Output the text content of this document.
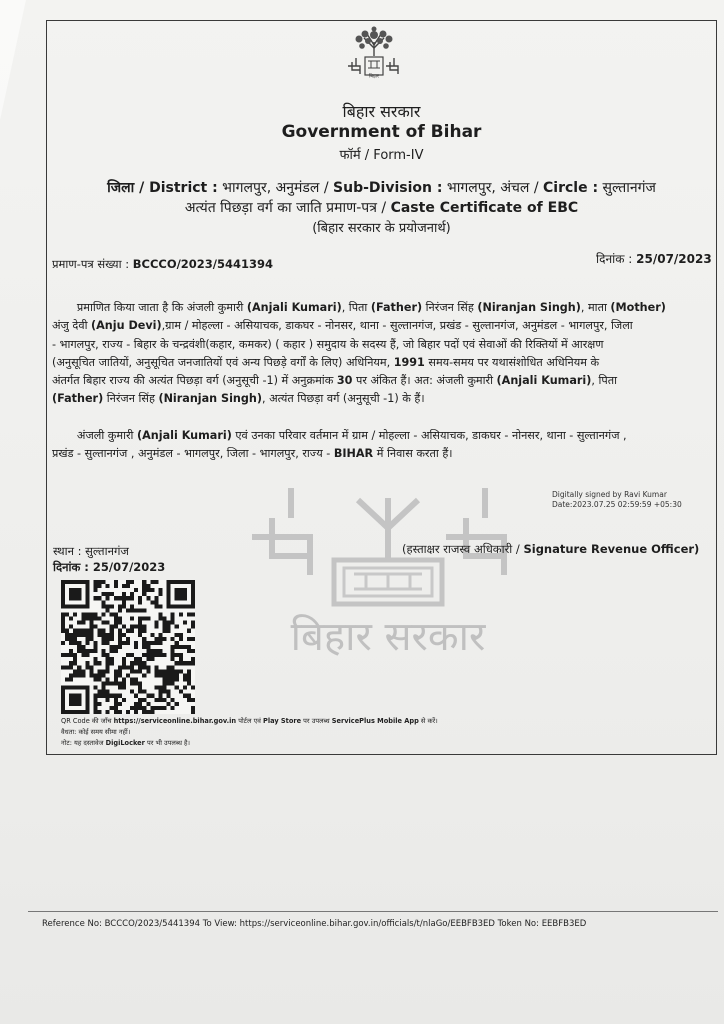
बिहार
बिहार सरकार
बिहार सरकार
Government of Bihar
फॉर्म / Form-IV
जिला / District : भागलपुर, अनुमंडल / Sub-Division : भागलपुर, अंचल / Circle : सुल्तानगंज
अत्यंत पिछड़ा वर्ग का जाति प्रमाण-पत्र / Caste Certificate of EBC
(बिहार सरकार के प्रयोजनार्थ)
प्रमाण-पत्र संख्या : BCCCO/2023/5441394	दिनांक : 25/07/2023
प्रमाणित किया जाता है कि अंजली कुमारी (Anjali Kumari), पिता (Father) निरंजन सिंह (Niranjan Singh), माता (Mother)
अंजु देवी (Anju Devi),ग्राम / मोहल्ला - असियाचक, डाकघर - नोनसर, थाना - सुल्तानगंज, प्रखंड - सुल्तानगंज, अनुमंडल - भागलपुर, जिला
- भागलपुर, राज्य - बिहार के चन्द्रवंशी(कहार, कमकर) ( कहार ) समुदाय के सदस्य हैं, जो बिहार पदों एवं सेवाओं की रिक्तियों में आरक्षण
(अनुसूचित जातियों, अनुसूचित जनजातियों एवं अन्य पिछड़े वर्गों के लिए) अधिनियम, 1991 समय-समय पर यथासंशोधित अधिनियम के
अंतर्गत बिहार राज्य की अत्यंत पिछड़ा वर्ग (अनुसूची -1) में अनुक्रमांक 30 पर अंकित हैं। अत: अंजली कुमारी (Anjali Kumari), पिता
(Father) निरंजन सिंह (Niranjan Singh), अत्यंत पिछड़ा वर्ग (अनुसूची -1) के हैं।
अंजली कुमारी (Anjali Kumari) एवं उनका परिवार वर्तमान में ग्राम / मोहल्ला - असियाचक, डाकघर - नोनसर, थाना - सुल्तानगंज ,
प्रखंड - सुल्तानगंज , अनुमंडल - भागलपुर, जिला - भागलपुर, राज्य - BIHAR में निवास करता हैं।
Digitally signed by Ravi Kumar
Date:2023.07.25 02:59:59 +05:30
(हस्ताक्षर राजस्व अधिकारी / Signature Revenue Officer)
स्थान : सुल्तानगंज
दिनांक : 25/07/2023
QR Code की जाँच https://serviceonline.bihar.gov.in पोर्टल एवं Play Store पर उपलब्ध ServicePlus Mobile App से करें।
वैधता: कोई समय सीमा नहीं।
नोट: यह दस्तावेज DigiLocker पर भी उपलब्ध है।
Reference No: BCCCO/2023/5441394 To View: https://serviceonline.bihar.gov.in/officials/t/nlaGo/EEBFB3ED Token No: EEBFB3ED
